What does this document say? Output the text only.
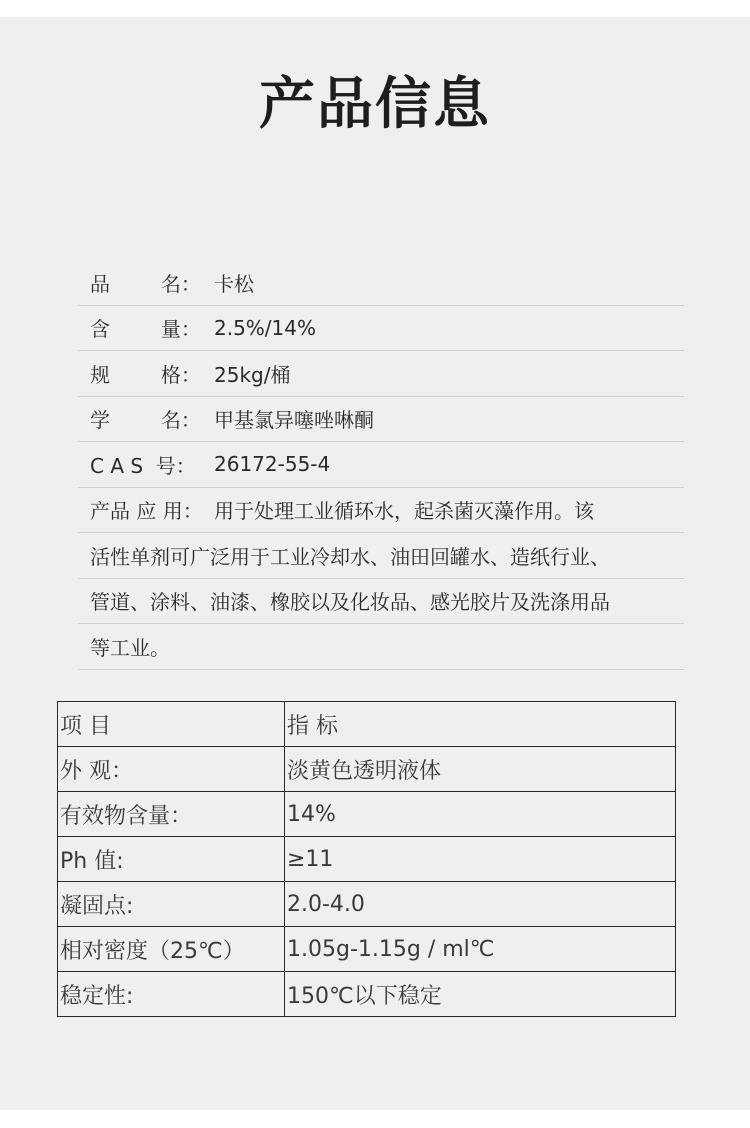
产品信息
品        名： 卡松
含        量： 2.5%/14%
规        格： 25kg/桶
学        名： 甲基氯异噻唑啉酮
C A S  号： 26172-55-4
产品 应 用： 用于处理工业循环水，起杀菌灭藻作用。该
活性单剂可广泛用于工业冷却水、油田回罐水、造纸行业、
管道、涂料、油漆、橡胶以及化妆品、感光胶片及洗涤用品
等工业。
项 目	指 标
外 观：	淡黄色透明液体
有效物含量：	14%
Ph 值:	≥11
凝固点:	2.0-4.0
相对密度（25℃）	1.05g-1.15g / ml℃
稳定性:	150℃以下稳定
